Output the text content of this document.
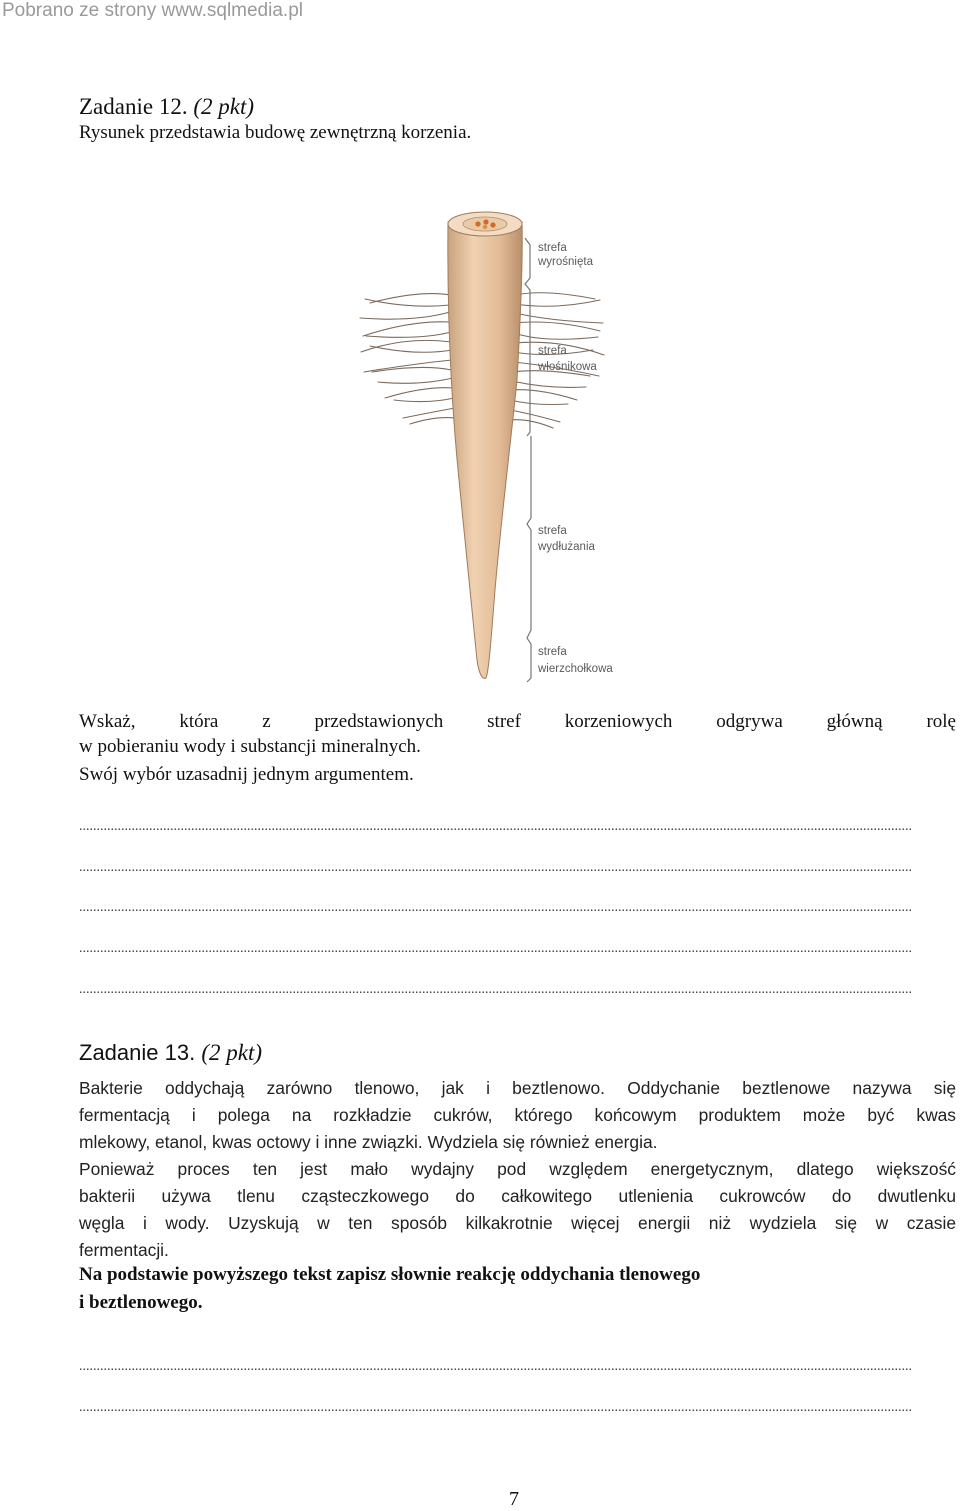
Pobrano ze strony www.sqlmedia.pl
Zadanie 12. (2 pkt)
Rysunek przedstawia budowę zewnętrzną korzenia.
strefa
wyrośnięta
strefa
włośnikowa
strefa
wydłużania
strefa
wierzchołkowa
Wskaż, która z przedstawionych stref korzeniowych odgrywa główną rolę
w pobieraniu wody i substancji mineralnych.
Swój wybór uzasadnij jednym argumentem.
..............................................................................................................................................................................................................................................
..............................................................................................................................................................................................................................................
..............................................................................................................................................................................................................................................
..............................................................................................................................................................................................................................................
..............................................................................................................................................................................................................................................
Zadanie 13. (2 pkt)
Bakterie oddychają zarówno tlenowo, jak i beztlenowo. Oddychanie beztlenowe nazywa się
fermentacją i polega na rozkładzie cukrów, którego końcowym produktem może być kwas
mlekowy, etanol, kwas octowy i inne związki. Wydziela się również energia.
Ponieważ proces ten jest mało wydajny pod względem energetycznym, dlatego większość
bakterii używa tlenu cząsteczkowego do całkowitego utlenienia cukrowców do dwutlenku
węgla i wody. Uzyskują w ten sposób kilkakrotnie więcej energii niż wydziela się w czasie
fermentacji.
Na podstawie powyższego tekst zapisz słownie reakcję oddychania tlenowego
i beztlenowego.
..............................................................................................................................................................................................................................................
..............................................................................................................................................................................................................................................
7
